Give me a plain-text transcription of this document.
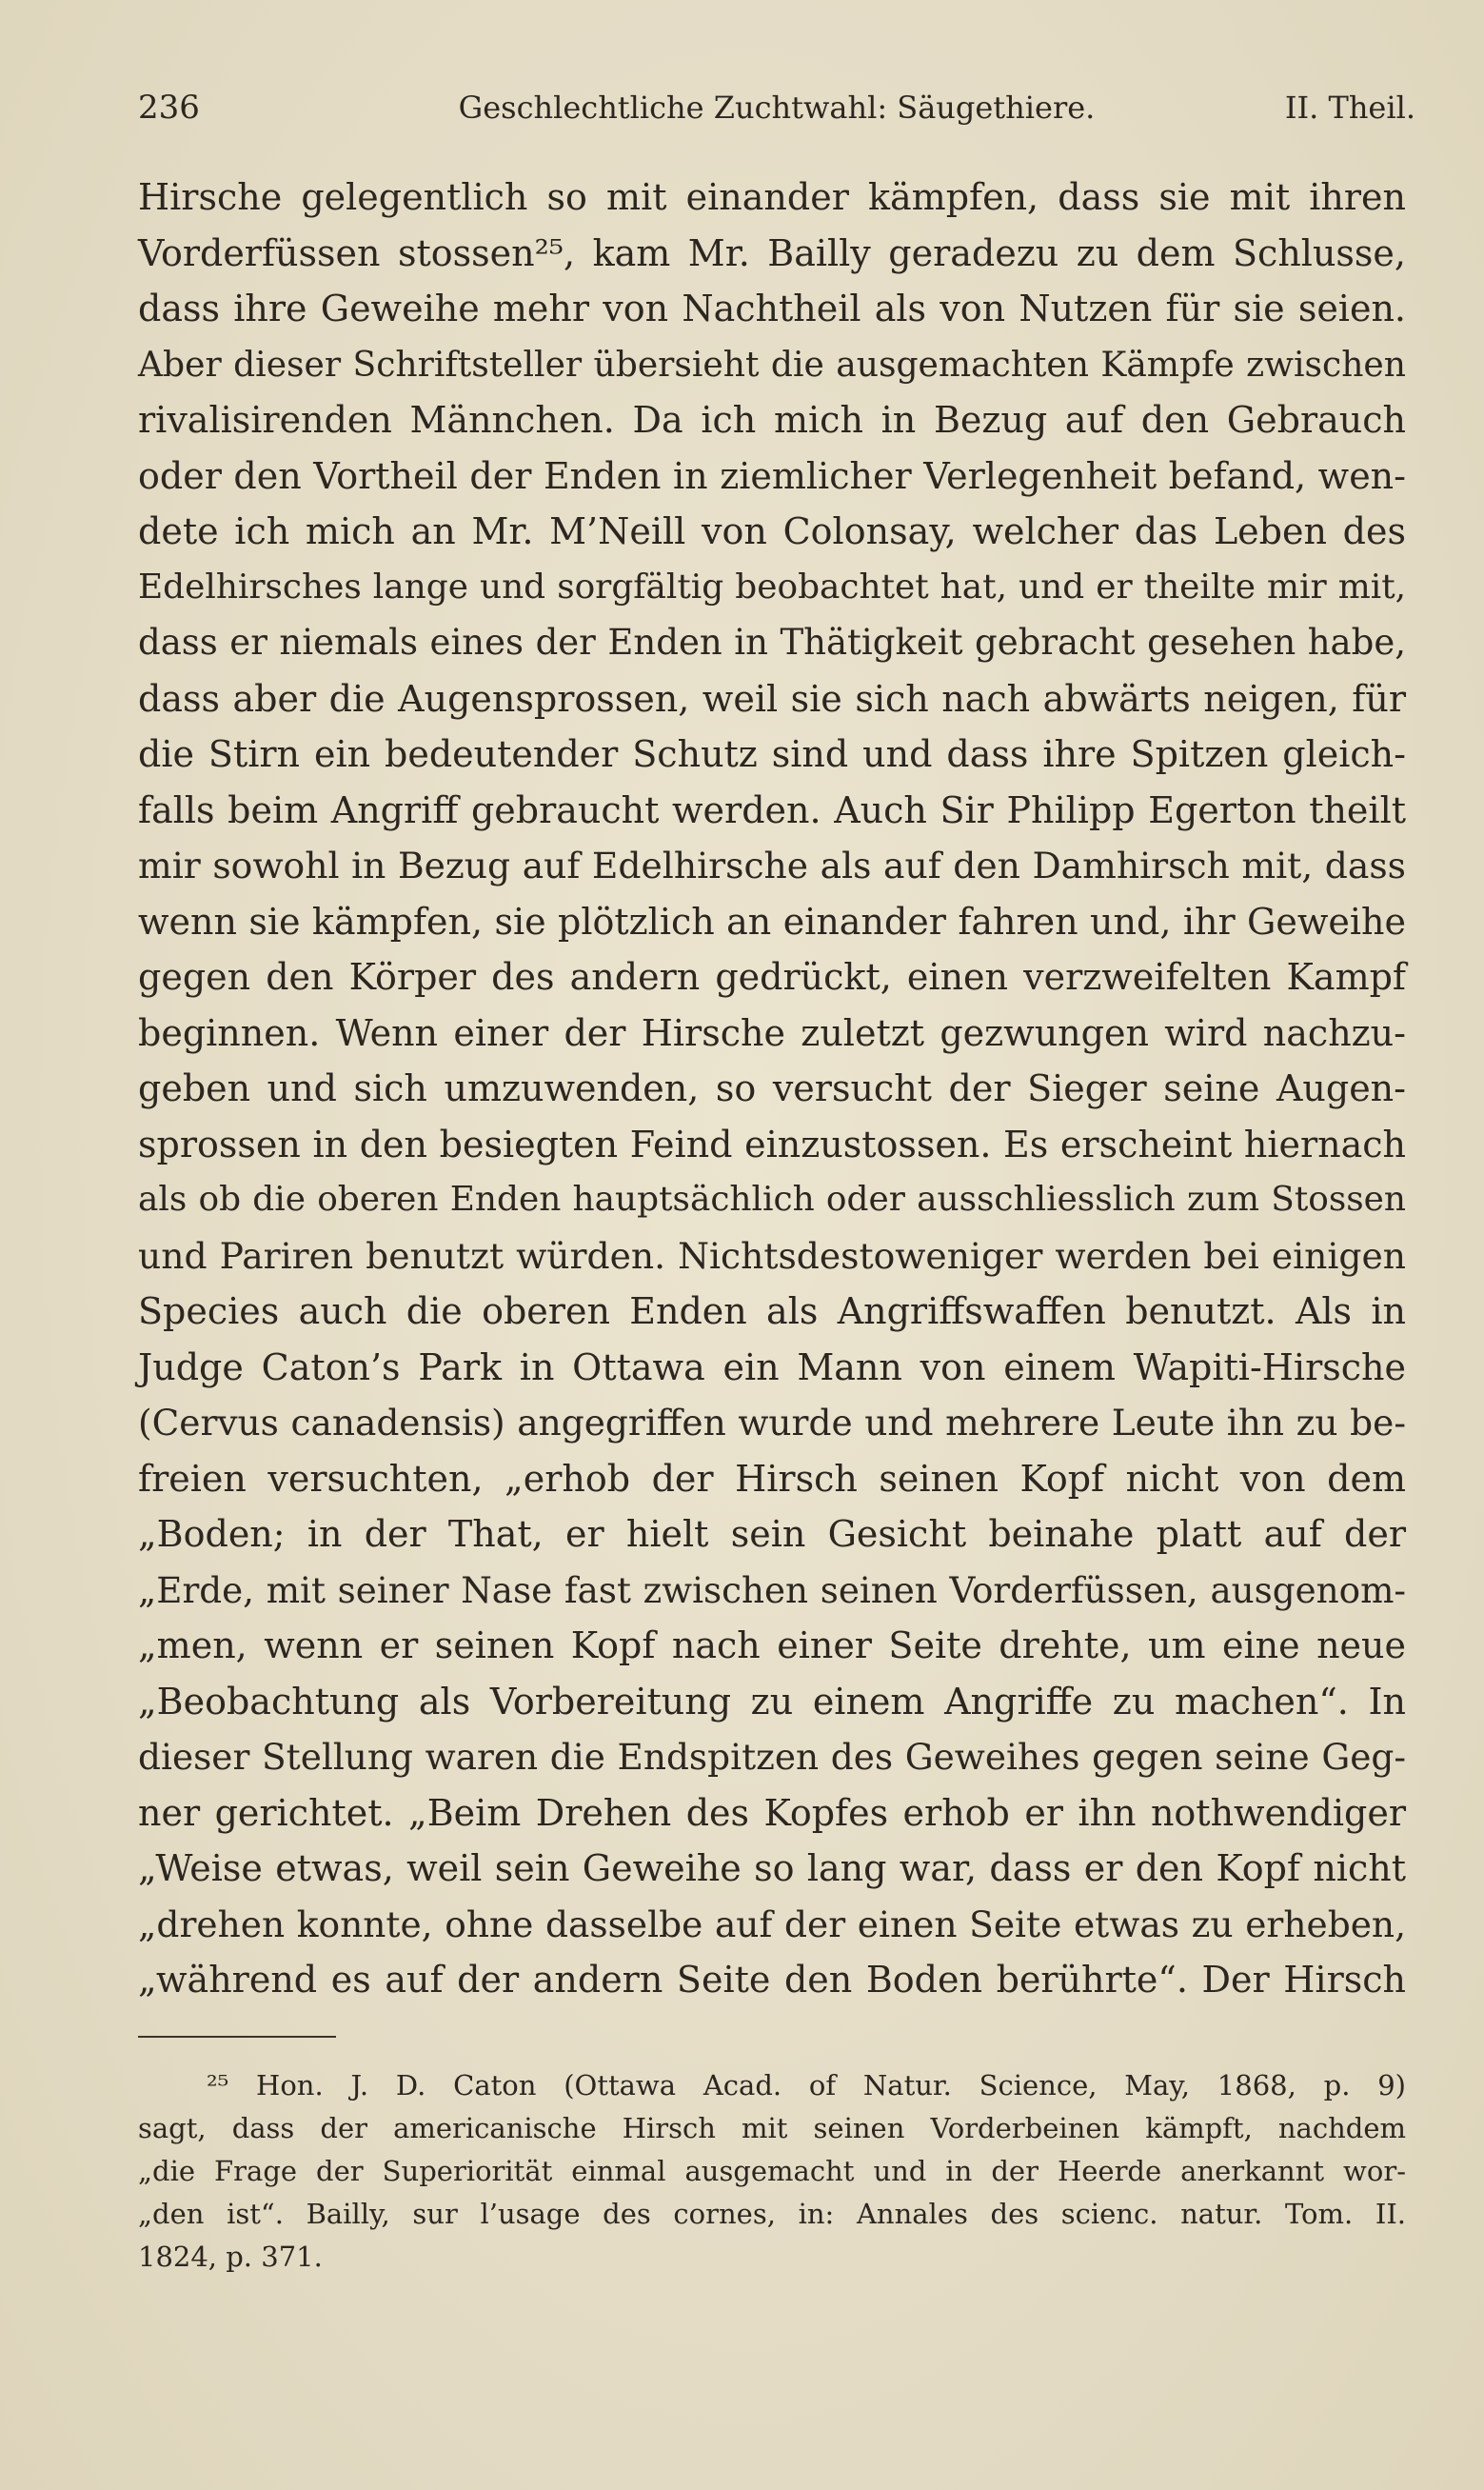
236	Geschlechtliche Zuchtwahl: Säugethiere.	II. Theil.
Hirsche gelegentlich so mit einander kämpfen, dass sie mit ihren
Vorderfüssen stossen²⁵, kam Mr. Bailly geradezu zu dem Schlusse,
dass ihre Geweihe mehr von Nachtheil als von Nutzen für sie seien.
Aber dieser Schriftsteller übersieht die ausgemachten Kämpfe zwischen
rivalisirenden Männchen. Da ich mich in Bezug auf den Gebrauch
oder den Vortheil der Enden in ziemlicher Verlegenheit befand, wen-
dete ich mich an Mr. M’Neill von Colonsay, welcher das Leben des
Edelhirsches lange und sorgfältig beobachtet hat, und er theilte mir mit,
dass er niemals eines der Enden in Thätigkeit gebracht gesehen habe,
dass aber die Augensprossen, weil sie sich nach abwärts neigen, für
die Stirn ein bedeutender Schutz sind und dass ihre Spitzen gleich-
falls beim Angriff gebraucht werden. Auch Sir Philipp Egerton theilt
mir sowohl in Bezug auf Edelhirsche als auf den Damhirsch mit, dass
wenn sie kämpfen, sie plötzlich an einander fahren und, ihr Geweihe
gegen den Körper des andern gedrückt, einen verzweifelten Kampf
beginnen. Wenn einer der Hirsche zuletzt gezwungen wird nachzu-
geben und sich umzuwenden, so versucht der Sieger seine Augen-
sprossen in den besiegten Feind einzustossen. Es erscheint hiernach
als ob die oberen Enden hauptsächlich oder ausschliesslich zum Stossen
und Pariren benutzt würden. Nichtsdestoweniger werden bei einigen
Species auch die oberen Enden als Angriffswaffen benutzt. Als in
Judge Caton’s Park in Ottawa ein Mann von einem Wapiti-Hirsche
(Cervus canadensis) angegriffen wurde und mehrere Leute ihn zu be-
freien versuchten, „erhob der Hirsch seinen Kopf nicht von dem
„Boden; in der That, er hielt sein Gesicht beinahe platt auf der
„Erde, mit seiner Nase fast zwischen seinen Vorderfüssen, ausgenom-
„men, wenn er seinen Kopf nach einer Seite drehte, um eine neue
„Beobachtung als Vorbereitung zu einem Angriffe zu machen“. In
dieser Stellung waren die Endspitzen des Geweihes gegen seine Geg-
ner gerichtet. „Beim Drehen des Kopfes erhob er ihn nothwendiger
„Weise etwas, weil sein Geweihe so lang war, dass er den Kopf nicht
„drehen konnte, ohne dasselbe auf der einen Seite etwas zu erheben,
„während es auf der andern Seite den Boden berührte“. Der Hirsch
²⁵ Hon. J. D. Caton (Ottawa Acad. of Natur. Science, May, 1868, p. 9)
sagt, dass der americanische Hirsch mit seinen Vorderbeinen kämpft, nachdem
„die Frage der Superiorität einmal ausgemacht und in der Heerde anerkannt wor-
„den ist“. Bailly, sur l’usage des cornes, in: Annales des scienc. natur. Tom. II.
1824, p. 371.
